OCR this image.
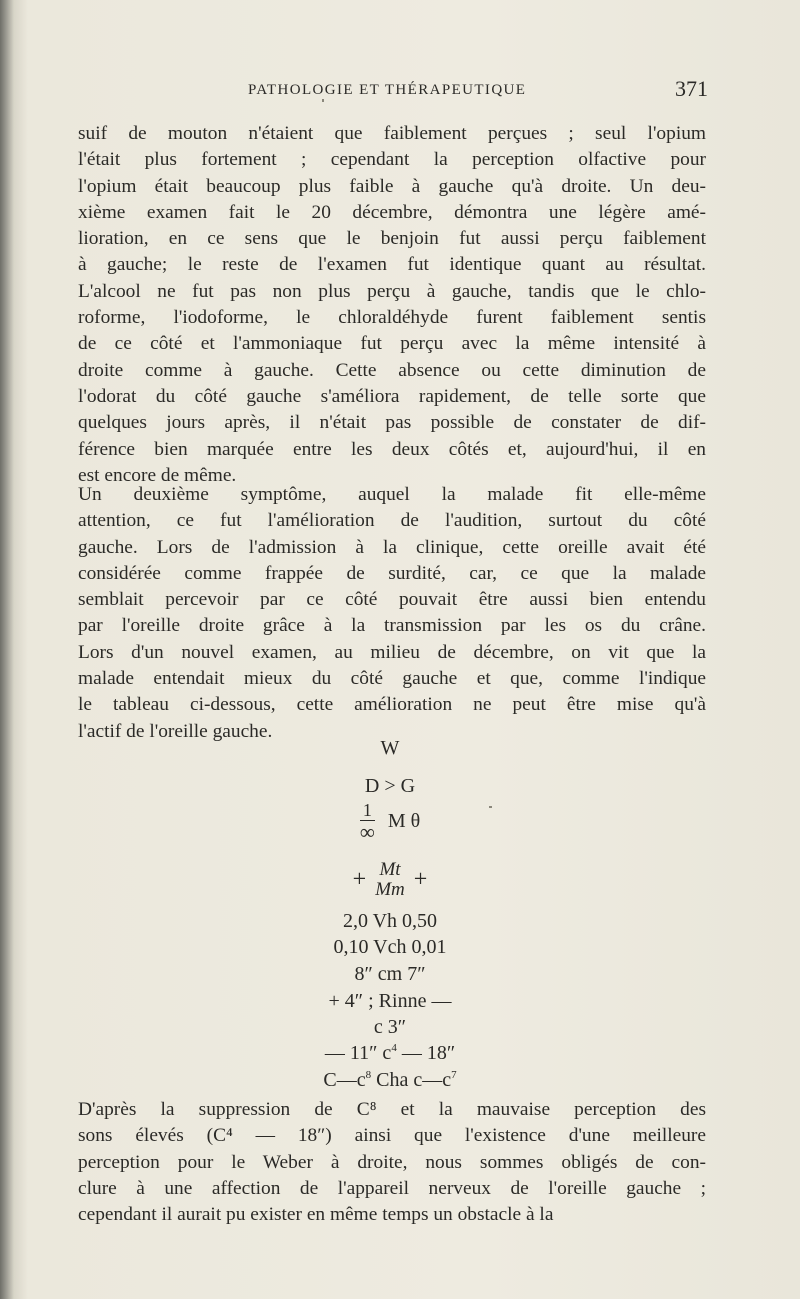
PATHOLOGIE ET THÉRAPEUTIQUE	371
suif de mouton n'étaient que faiblement perçues ; seul l'opium
l'était plus fortement ; cependant la perception olfactive pour
l'opium était beaucoup plus faible à gauche qu'à droite. Un deu-
xième examen fait le 20 décembre, démontra une légère amé-
lioration, en ce sens que le benjoin fut aussi perçu faiblement
à gauche; le reste de l'examen fut identique quant au résultat.
L'alcool ne fut pas non plus perçu à gauche, tandis que le chlo-
roforme, l'iodoforme, le chloraldéhyde furent faiblement sentis
de ce côté et l'ammoniaque fut perçu avec la même intensité à
droite comme à gauche. Cette absence ou cette diminution de
l'odorat du côté gauche s'améliora rapidement, de telle sorte que
quelques jours après, il n'était pas possible de constater de dif-
férence bien marquée entre les deux côtés et, aujourd'hui, il en
est encore de même.
Un deuxième symptôme, auquel la malade fit elle-même
attention, ce fut l'amélioration de l'audition, surtout du côté
gauche. Lors de l'admission à la clinique, cette oreille avait été
considérée comme frappée de surdité, car, ce que la malade
semblait percevoir par ce côté pouvait être aussi bien entendu
par l'oreille droite grâce à la transmission par les os du crâne.
Lors d'un nouvel examen, au milieu de décembre, on vit que la
malade entendait mieux du côté gauche et que, comme l'indique
le tableau ci-dessous, cette amélioration ne peut être mise qu'à
l'actif de l'oreille gauche.
W
D > G
$\frac{1}{\infty}$ M θ
+ Mt
Mm +
2,0 Vh 0,50
0,10 Vch 0,01
8″ cm 7″
+ 4″ ; Rinne —
c 3″
— 11″ $c^4$ — 18″
$C—c^8$ Cha $c—c^7$
D'après la suppression de C⁸ et la mauvaise perception des
sons élevés (C⁴ — 18″) ainsi que l'existence d'une meilleure
perception pour le Weber à droite, nous sommes obligés de con-
clure à une affection de l'appareil nerveux de l'oreille gauche ;
cependant il aurait pu exister en même temps un obstacle à la
